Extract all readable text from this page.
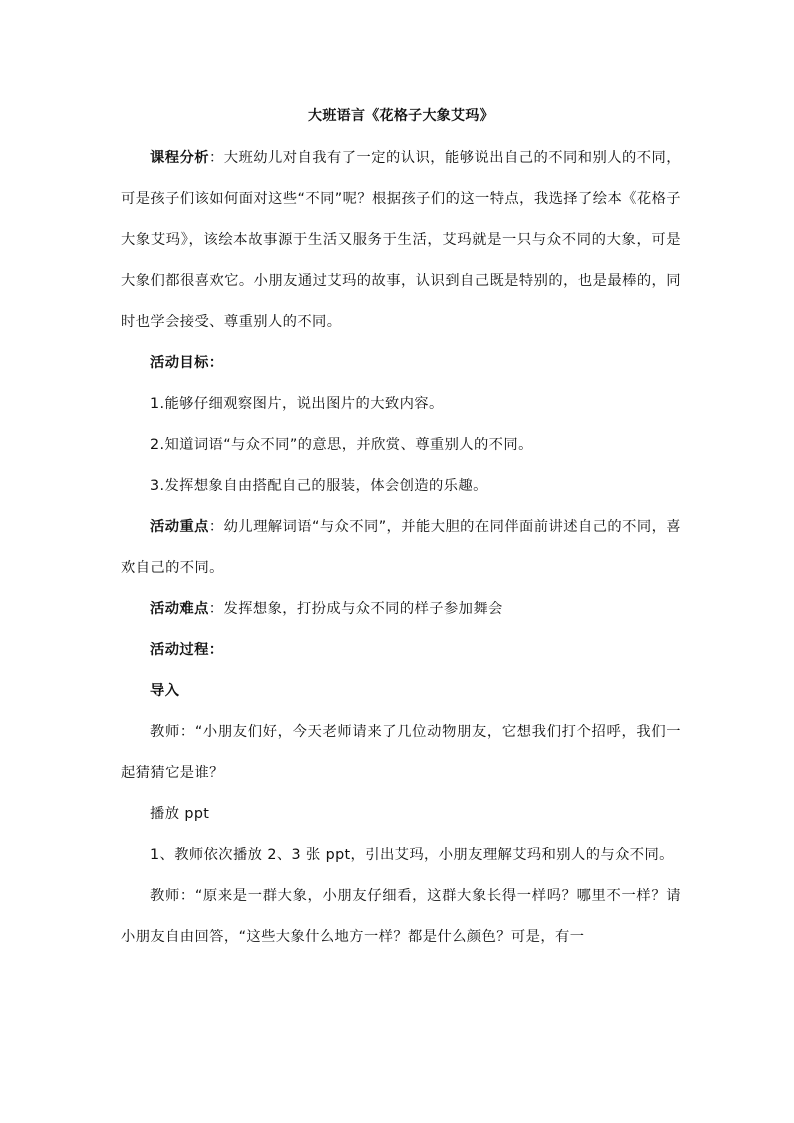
大班语言《花格子大象艾玛》

课程分析：大班幼儿对自我有了一定的认识，能够说出自己的不同和别人的不同，可是孩子们该如何面对这些“不同”呢？根据孩子们的这一特点，我选择了绘本《花格子大象艾玛》，该绘本故事源于生活又服务于生活，艾玛就是一只与众不同的大象，可是大象们都很喜欢它。小朋友通过艾玛的故事，认识到自己既是特别的，也是最棒的，同时也学会接受、尊重别人的不同。

活动目标：

1.能够仔细观察图片，说出图片的大致内容。

2.知道词语“与众不同”的意思，并欣赏、尊重别人的不同。

3.发挥想象自由搭配自己的服装，体会创造的乐趣。

活动重点：幼儿理解词语“与众不同”，并能大胆的在同伴面前讲述自己的不同，喜欢自己的不同。

活动难点：发挥想象，打扮成与众不同的样子参加舞会

活动过程：

导入

教师：“小朋友们好，今天老师请来了几位动物朋友，它想我们打个招呼，我们一起猜猜它是谁？

播放 ppt

1、教师依次播放 2、3 张 ppt，引出艾玛，小朋友理解艾玛和别人的与众不同。

教师：“原来是一群大象，小朋友仔细看，这群大象长得一样吗？哪里不一样？请小朋友自由回答，“这些大象什么地方一样？都是什么颜色？可是，有一
